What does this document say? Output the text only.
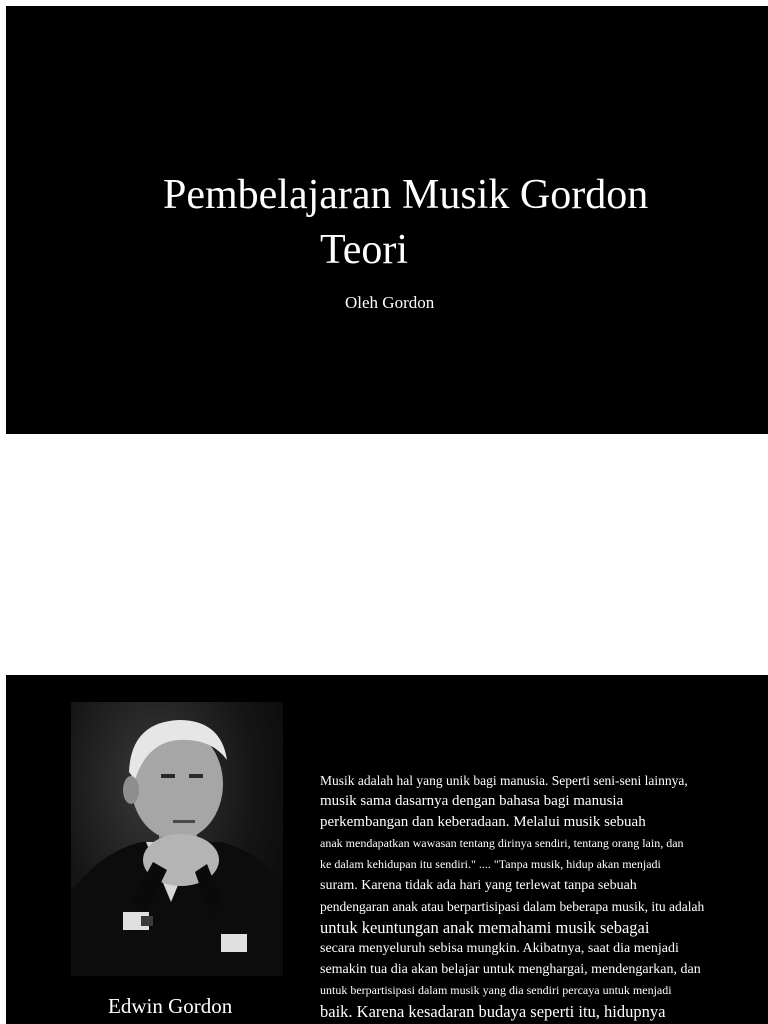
Pembelajaran Musik Gordon
Teori
Oleh Gordon
Edwin Gordon
Musik adalah hal yang unik bagi manusia. Seperti seni-seni lainnya,
musik sama dasarnya dengan bahasa bagi manusia
perkembangan dan keberadaan. Melalui musik sebuah
anak mendapatkan wawasan tentang dirinya sendiri, tentang orang lain, dan
ke dalam kehidupan itu sendiri." .... "Tanpa musik, hidup akan menjadi
suram. Karena tidak ada hari yang terlewat tanpa sebuah
pendengaran anak atau berpartisipasi dalam beberapa musik, itu adalah
untuk keuntungan anak memahami musik sebagai
secara menyeluruh sebisa mungkin. Akibatnya, saat dia menjadi
semakin tua dia akan belajar untuk menghargai, mendengarkan, dan
untuk berpartisipasi dalam musik yang dia sendiri percaya untuk menjadi
baik. Karena kesadaran budaya seperti itu, hidupnya
